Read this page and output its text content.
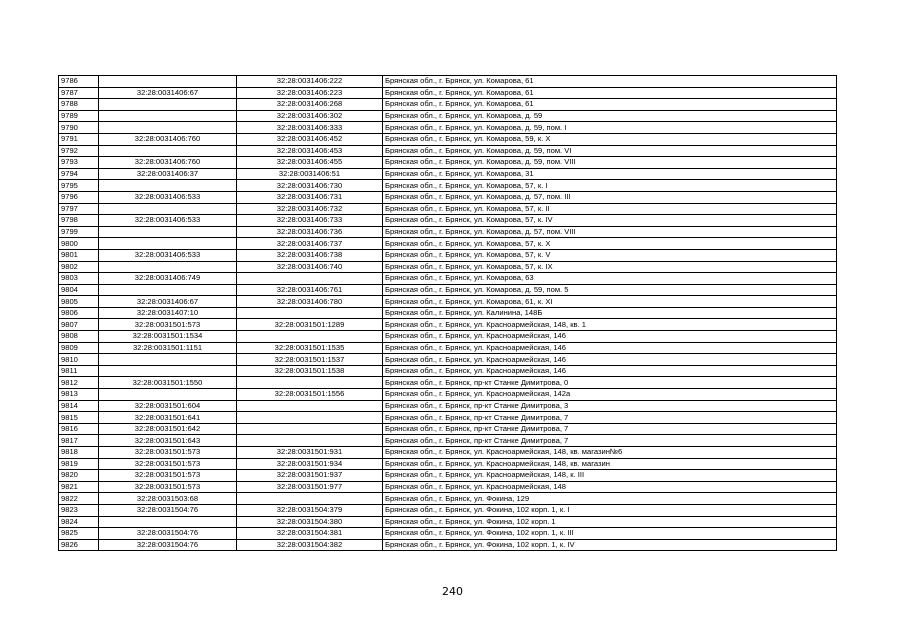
9786		32:28:0031406:222	Брянская обл., г. Брянск, ул. Комарова, 61
9787	32:28:0031406:67	32:28:0031406:223	Брянская обл., г. Брянск, ул. Комарова, 61
9788		32:28:0031406:268	Брянская обл., г. Брянск, ул. Комарова, 61
9789		32:28:0031406:302	Брянская обл., г. Брянск, ул. Комарова, д. 59
9790		32:28:0031406:333	Брянская обл., г. Брянск, ул. Комарова, д. 59, пом. I
9791	32:28:0031406:760	32:28:0031406:452	Брянская обл., г. Брянск, ул. Комарова, 59, к. X
9792		32:28:0031406:453	Брянская обл., г. Брянск, ул. Комарова, д. 59, пом. VI
9793	32:28:0031406:760	32:28:0031406:455	Брянская обл., г. Брянск, ул. Комарова, д. 59, пом. VIII
9794	32:28:0031406:37	32:28:0031406:51	Брянская обл., г. Брянск, ул. Комарова, 31
9795		32:28:0031406:730	Брянская обл., г. Брянск, ул. Комарова, 57, к. I
9796	32:28:0031406:533	32:28:0031406:731	Брянская обл., г. Брянск, ул. Комарова, д. 57, пом. III
9797		32:28:0031406:732	Брянская обл., г. Брянск, ул. Комарова, 57, к. II
9798	32:28:0031406:533	32:28:0031406:733	Брянская обл., г. Брянск, ул. Комарова, 57, к. IV
9799		32:28:0031406:736	Брянская обл., г. Брянск, ул. Комарова, д. 57, пом. VIII
9800		32:28:0031406:737	Брянская обл., г. Брянск, ул. Комарова, 57, к. X
9801	32:28:0031406:533	32:28:0031406:738	Брянская обл., г. Брянск, ул. Комарова, 57, к. V
9802		32:28:0031406:740	Брянская обл., г. Брянск, ул. Комарова, 57, к. IX
9803	32:28:0031406:749		Брянская обл., г. Брянск, ул. Комарова, 63
9804		32:28:0031406:761	Брянская обл., г. Брянск, ул. Комарова, д. 59, пом. 5
9805	32:28:0031406:67	32:28:0031406:780	Брянская обл., г. Брянск, ул. Комарова, 61, к. XI
9806	32:28:0031407:10		Брянская обл., г. Брянск, ул. Калинина, 148Б
9807	32:28:0031501:573	32:28:0031501:1289	Брянская обл., г. Брянск, ул. Красноармейская, 148, кв. 1
9808	32:28:0031501:1534		Брянская обл., г. Брянск, ул. Красноармейская, 146
9809	32:28:0031501:1151	32:28:0031501:1535	Брянская обл., г. Брянск, ул. Красноармейская, 146
9810		32:28:0031501:1537	Брянская обл., г. Брянск, ул. Красноармейская, 146
9811		32:28:0031501:1538	Брянская обл., г. Брянск, ул. Красноармейская, 146
9812	32:28:0031501:1550		Брянская обл., г. Брянск, пр-кт Станке Димитрова, 0
9813		32:28:0031501:1556	Брянская обл., г. Брянск, ул. Красноармейская, 142а
9814	32:28:0031501:604		Брянская обл., г. Брянск, пр-кт Станке Димитрова, 3
9815	32:28:0031501:641		Брянская обл., г. Брянск, пр-кт Станке Димитрова, 7
9816	32:28:0031501:642		Брянская обл., г. Брянск, пр-кт Станке Димитрова, 7
9817	32:28:0031501:643		Брянская обл., г. Брянск, пр-кт Станке Димитрова, 7
9818	32:28:0031501:573	32:28:0031501:931	Брянская обл., г. Брянск, ул. Красноармейская, 148, кв. магазин№6
9819	32:28:0031501:573	32:28:0031501:934	Брянская обл., г. Брянск, ул. Красноармейская, 148, кв. магазин
9820	32:28:0031501:573	32:28:0031501:937	Брянская обл., г. Брянск, ул. Красноармейская, 148, к. III
9821	32:28:0031501:573	32:28:0031501:977	Брянская обл., г. Брянск, ул. Красноармейская, 148
9822	32:28:0031503:68		Брянская обл., г. Брянск, ул. Фокина, 129
9823	32:28:0031504:76	32:28:0031504:379	Брянская обл., г. Брянск, ул. Фокина, 102 корп. 1, к. I
9824		32:28:0031504:380	Брянская обл., г. Брянск, ул. Фокина, 102 корп. 1
9825	32:28:0031504:76	32:28:0031504:381	Брянская обл., г. Брянск, ул. Фокина, 102 корп. 1, к. III
9826	32:28:0031504:76	32:28:0031504:382	Брянская обл., г. Брянск, ул. Фокина, 102 корп. 1, к. IV
240
